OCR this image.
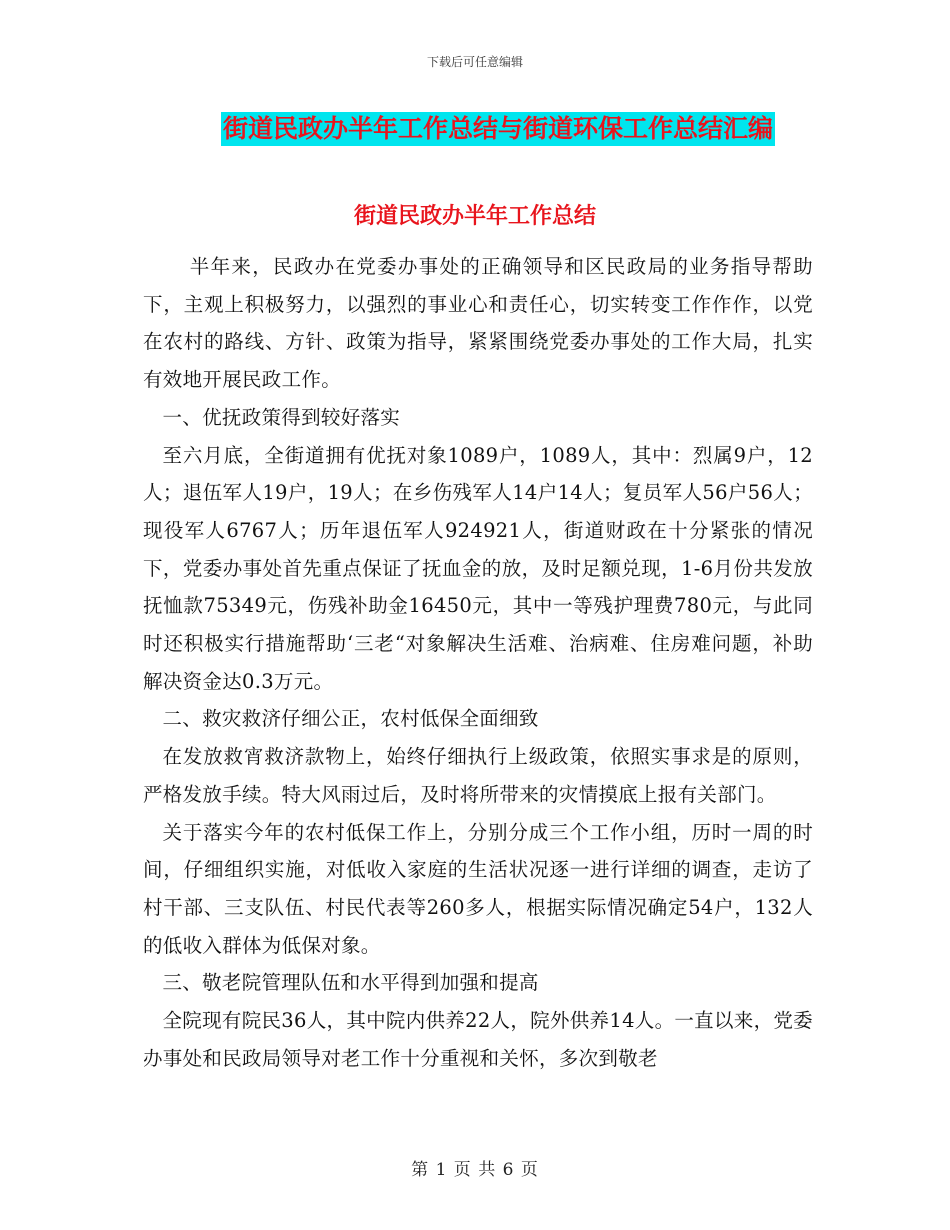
下载后可任意编辑
街道民政办半年工作总结与街道环保工作总结汇编
街道民政办半年工作总结

半年来，民政办在党委办事处的正确领导和区民政局的业务指导帮助下，主观上积极努力，以强烈的事业心和责任心，切实转变工作作作，以党在农村的路线、方针、政策为指导，紧紧围绕党委办事处的工作大局，扎实有效地开展民政工作。

一、优抚政策得到较好落实

至六月底，全街道拥有优抚对象1089户，1089人，其中：烈属9户，12人；退伍军人19户，19人；在乡伤残军人14户14人；复员军人56户56人；现役军人6767人；历年退伍军人924921人，街道财政在十分紧张的情况下，党委办事处首先重点保证了抚血金的放，及时足额兑现，1-6月份共发放抚恤款75349元，伤残补助金16450元，其中一等残护理费780元，与此同时还积极实行措施帮助‘三老“对象解决生活难、治病难、住房难问题，补助解决资金达0.3万元。

二、救灾救济仔细公正，农村低保全面细致

在发放救宵救济款物上，始终仔细执行上级政策，依照实事求是的原则，严格发放手续。特大风雨过后，及时将所带来的灾情摸底上报有关部门。

关于落实今年的农村低保工作上，分别分成三个工作小组，历时一周的时间，仔细组织实施，对低收入家庭的生活状况逐一进行详细的调查，走访了村干部、三支队伍、村民代表等260多人，根据实际情况确定54户，132人的低收入群体为低保对象。

三、敬老院管理队伍和水平得到加强和提高

全院现有院民36人，其中院内供养22人，院外供养14人。一直以来，党委办事处和民政局领导对老工作十分重视和关怀，多次到敬老

第 1 页 共 6 页
